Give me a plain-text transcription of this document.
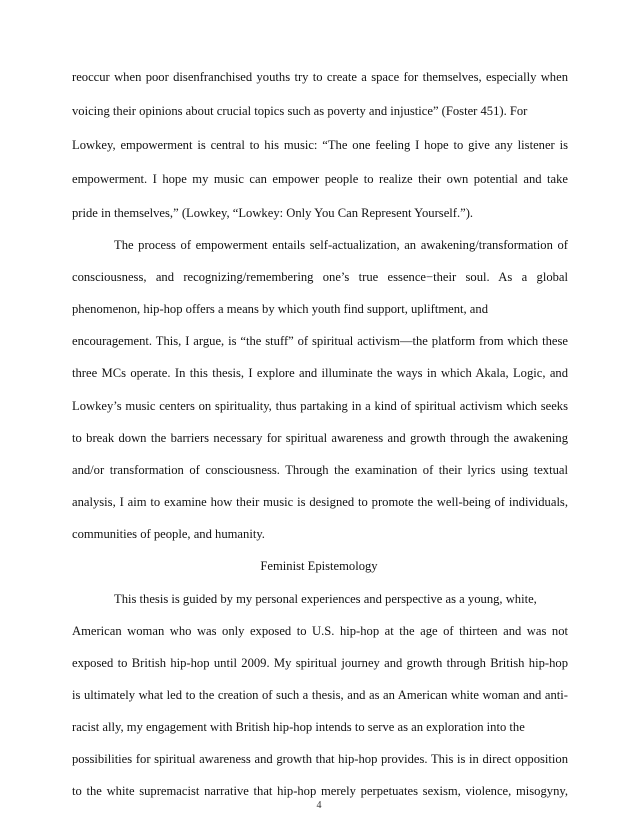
reoccur when poor disenfranchised youths try to create a space for themselves, especially when
voicing their opinions about crucial topics such as poverty and injustice” (Foster 451). For
Lowkey, empowerment is central to his music: “The one feeling I hope to give any listener is
empowerment. I hope my music can empower people to realize their own potential and take
pride in themselves,” (Lowkey, “Lowkey: Only You Can Represent Yourself.”).
The process of empowerment entails self-actualization, an awakening/transformation of
consciousness, and recognizing/remembering one’s true essence−their soul. As a global
phenomenon, hip-hop offers a means by which youth find support, upliftment, and
encouragement. This, I argue, is “the stuff” of spiritual activism—the platform from which these
three MCs operate. In this thesis, I explore and illuminate the ways in which Akala, Logic, and
Lowkey’s music centers on spirituality, thus partaking in a kind of spiritual activism which seeks
to break down the barriers necessary for spiritual awareness and growth through the awakening
and/or transformation of consciousness. Through the examination of their lyrics using textual
analysis, I aim to examine how their music is designed to promote the well-being of individuals,
communities of people, and humanity.
Feminist Epistemology
This thesis is guided by my personal experiences and perspective as a young, white,
American woman who was only exposed to U.S. hip-hop at the age of thirteen and was not
exposed to British hip-hop until 2009. My spiritual journey and growth through British hip-hop
is ultimately what led to the creation of such a thesis, and as an American white woman and anti-
racist ally, my engagement with British hip-hop intends to serve as an exploration into the
possibilities for spiritual awareness and growth that hip-hop provides. This is in direct opposition
to the white supremacist narrative that hip-hop merely perpetuates sexism, violence, misogyny,
4
